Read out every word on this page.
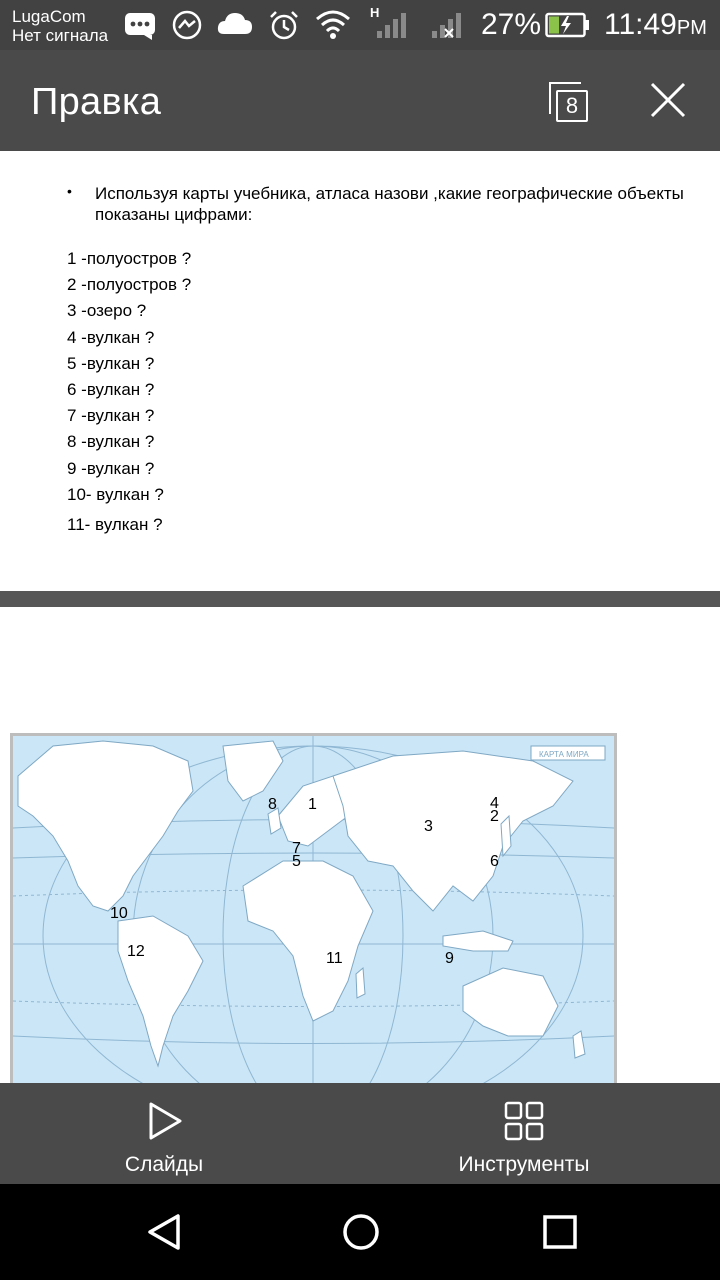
LugaCom
Нет сигнала
H	27% 11:49PM
Правка	8
• Используя карты учебника, атласа назови ,какие географические объекты показаны цифрами:
1 -полуостров ?
2 -полуостров ?
3 -озеро ?
4 -вулкан ?
5 -вулкан ?
6 -вулкан ?
7 -вулкан ?
8 -вулкан ?
9 -вулкан ?
10- вулкан ?
11- вулкан ?
КАРТА МИРА
8 1
3
4
2
7
5	6
10
12	11	9
Слайды	Инструменты
